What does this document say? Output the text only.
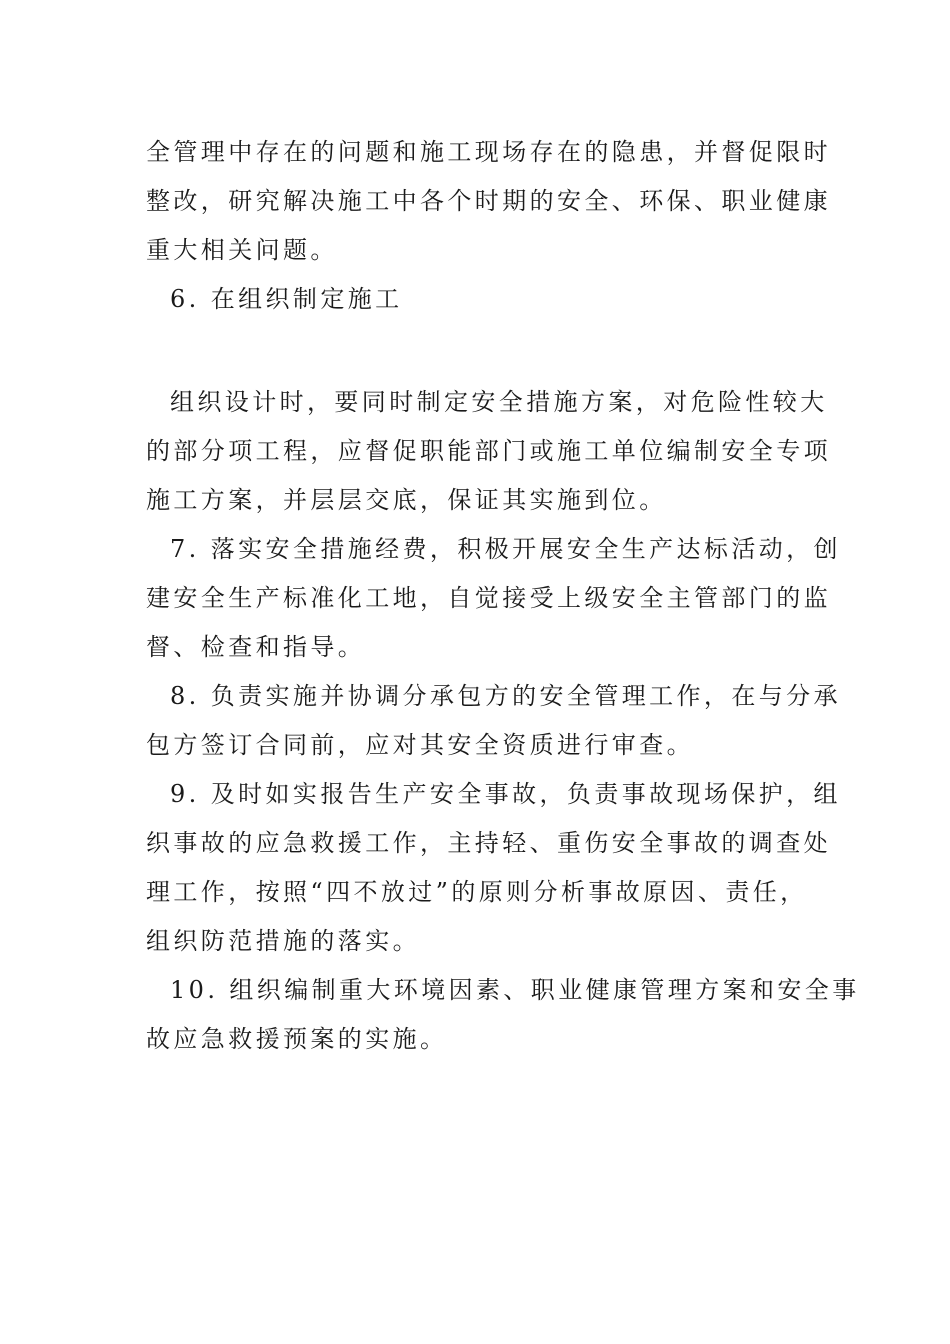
全管理中存在的问题和施工现场存在的隐患，并督促限时
整改，研究解决施工中各个时期的安全、环保、职业健康
重大相关问题。
6. 在组织制定施工
组织设计时，要同时制定安全措施方案，对危险性较大
的部分项工程，应督促职能部门或施工单位编制安全专项
施工方案，并层层交底，保证其实施到位。
7. 落实安全措施经费，积极开展安全生产达标活动，创
建安全生产标准化工地，自觉接受上级安全主管部门的监
督、检查和指导。
8. 负责实施并协调分承包方的安全管理工作，在与分承
包方签订合同前，应对其安全资质进行审查。
9. 及时如实报告生产安全事故，负责事故现场保护，组
织事故的应急救援工作，主持轻、重伤安全事故的调查处
理工作，按照“四不放过”的原则分析事故原因、责任，
组织防范措施的落实。
10. 组织编制重大环境因素、职业健康管理方案和安全事
故应急救援预案的实施。
